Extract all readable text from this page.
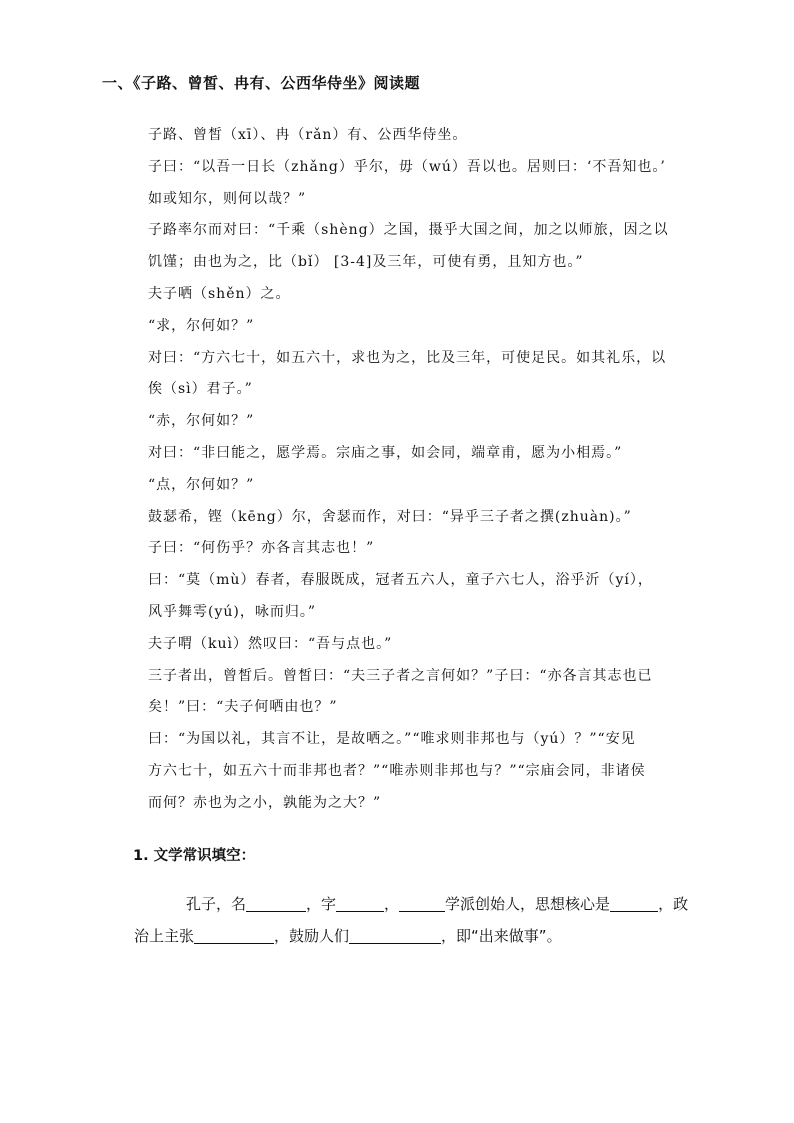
一、《子路、曾皙、冉有、公西华侍坐》阅读题
子路、曾皙（xī）、冉（rǎn）有、公西华侍坐。
子曰：“以吾一日长（zhǎng）乎尔，毋（wú）吾以也。居则曰：‘不吾知也。’
如或知尔，则何以哉？”
子路率尔而对曰：“千乘（shèng）之国，摄乎大国之间，加之以师旅，因之以
饥馑；由也为之，比（bǐ） [3-4]及三年，可使有勇，且知方也。”
夫子哂（shěn）之。
“求，尔何如？”
对曰：“方六七十，如五六十，求也为之，比及三年，可使足民。如其礼乐，以
俟（sì）君子。”
“赤，尔何如？”
对曰：“非曰能之，愿学焉。宗庙之事，如会同，端章甫，愿为小相焉。”
“点，尔何如？”
鼓瑟希，铿（kēng）尔，舍瑟而作，对曰：“异乎三子者之撰(zhuàn)。”
子曰：“何伤乎？亦各言其志也！”
曰：“莫（mù）春者，春服既成，冠者五六人，童子六七人，浴乎沂（yí），
风乎舞雩(yú)，咏而归。”
夫子喟（kuì）然叹曰：“吾与点也。”
三子者出，曾皙后。曾皙曰：“夫三子者之言何如？”子曰：“亦各言其志也已
矣！”曰：“夫子何哂由也？”
曰：“为国以礼，其言不让，是故哂之。”“唯求则非邦也与（yú）？”“安见
方六七十，如五六十而非邦也者？”“唯赤则非邦也与？”“宗庙会同，非诸侯
而何？赤也为之小，孰能为之大？”
1. 文学常识填空：
孔子，名	，字	，	学派创始人，思想核心是	，政
治上主张	，鼓励人们	，即“出来做事”。
